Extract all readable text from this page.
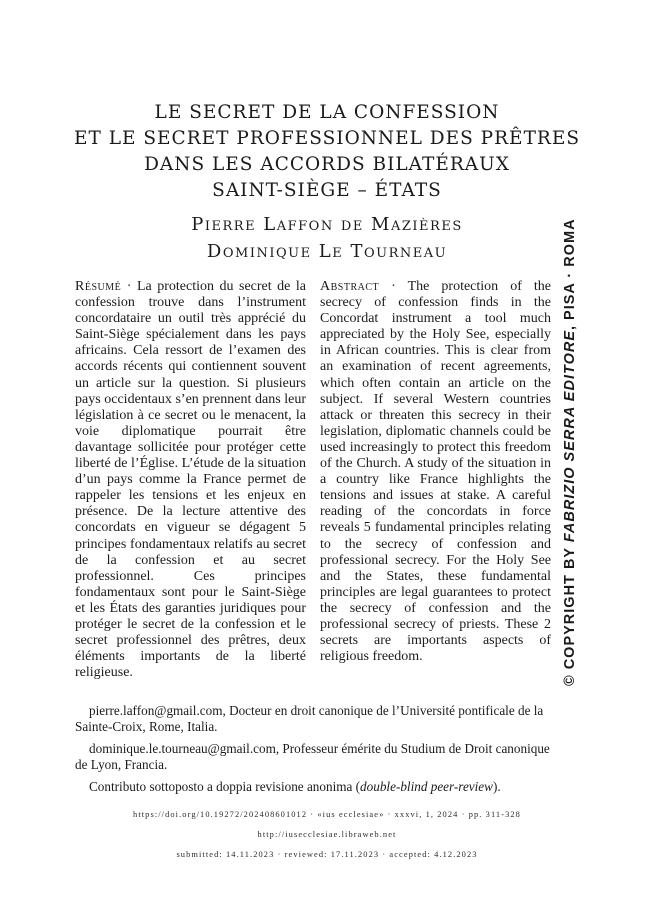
LE SECRET DE LA CONFESSION
ET LE SECRET PROFESSIONNEL DES PRÊTRES
DANS LES ACCORDS BILATÉRAUX
SAINT-SIÈGE – ÉTATS
Pierre Laffon de Mazières
Dominique Le Tourneau
Résumé · La protection du secret de la confession trouve dans l’instrument concordataire un outil très apprécié du Saint-Siège spécialement dans les pays africains. Cela ressort de l’examen des accords récents qui contiennent souvent un article sur la question. Si plusieurs pays occidentaux s’en prennent dans leur législation à ce secret ou le menacent, la voie diplomatique pourrait être davantage sollicitée pour protéger cette liberté de l’Église. L’étude de la situation d’un pays comme la France permet de rappeler les tensions et les enjeux en présence. De la lecture attentive des concordats en vigueur se dégagent 5 principes fondamentaux relatifs au secret de la confession et au secret professionnel. Ces principes fondamentaux sont pour le Saint-Siège et les États des garanties juridiques pour protéger le secret de la confession et le secret professionnel des prêtres, deux éléments importants de la liberté religieuse.
Abstract · The protection of the secrecy of confession finds in the Concordat instrument a tool much appreciated by the Holy See, especially in African countries. This is clear from an examination of recent agreements, which often contain an article on the subject. If several Western countries attack or threaten this secrecy in their legislation, diplomatic channels could be used increasingly to protect this freedom of the Church. A study of the situation in a country like France highlights the tensions and issues at stake. A careful reading of the concordats in force reveals 5 fundamental principles relating to the secrecy of confession and professional secrecy. For the Holy See and the States, these fundamental principles are legal guarantees to protect the secrecy of confession and the professional secrecy of priests. These 2 secrets are importants aspects of religious freedom.	© COPYRIGHT BY FABRIZIO SERRA EDITORE, PISA · ROMA

pierre.laffon@gmail.com, Docteur en droit canonique de l’Université pontificale de la Sainte-Croix, Rome, Italia.

dominique.le.tourneau@gmail.com, Professeur émérite du Studium de Droit canonique de Lyon, Francia.

Contributo sottoposto a doppia revisione anonima (double-blind peer-review).

https://doi.org/10.19272/202408601012 · «ius ecclesiae» · xxxvi, 1, 2024 · pp. 311-328
http://iusecclesiae.libraweb.net
submitted: 14.11.2023 · reviewed: 17.11.2023 · accepted: 4.12.2023
